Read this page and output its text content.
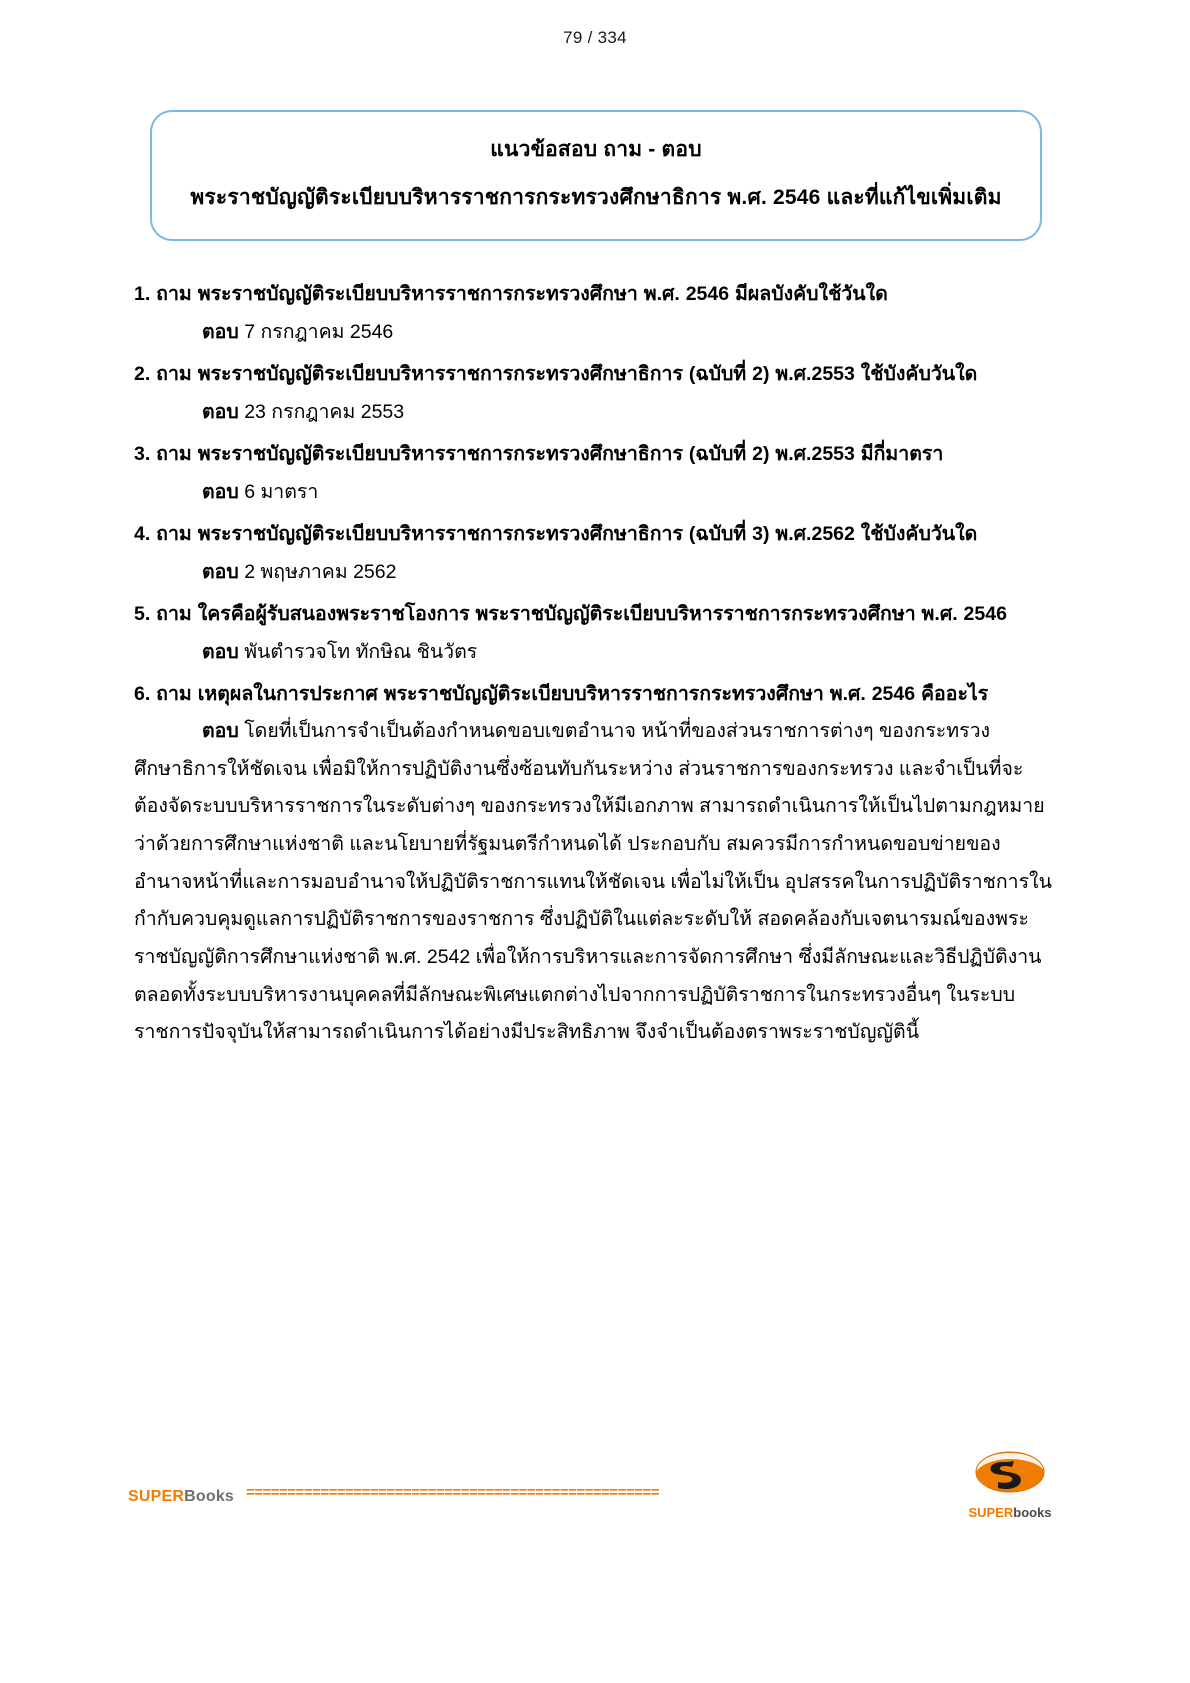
79 / 334
แนวข้อสอบ ถาม - ตอบ
พระราชบัญญัติระเบียบบริหารราชการกระทรวงศึกษาธิการ พ.ศ. 2546 และที่แก้ไขเพิ่มเติม
1. ถาม พระราชบัญญัติระเบียบบริหารราชการกระทรวงศึกษา พ.ศ. 2546 มีผลบังคับใช้วันใด
ตอบ 7 กรกฎาคม 2546
2. ถาม พระราชบัญญัติระเบียบบริหารราชการกระทรวงศึกษาธิการ (ฉบับที่ 2) พ.ศ.2553 ใช้บังคับวันใด
ตอบ 23 กรกฎาคม 2553
3. ถาม พระราชบัญญัติระเบียบบริหารราชการกระทรวงศึกษาธิการ (ฉบับที่ 2) พ.ศ.2553 มีกี่มาตรา
ตอบ 6 มาตรา
4. ถาม พระราชบัญญัติระเบียบบริหารราชการกระทรวงศึกษาธิการ (ฉบับที่ 3) พ.ศ.2562 ใช้บังคับวันใด
ตอบ 2 พฤษภาคม 2562
5. ถาม ใครคือผู้รับสนองพระราชโองการ พระราชบัญญัติระเบียบบริหารราชการกระทรวงศึกษา พ.ศ. 2546
ตอบ พันตำรวจโท ทักษิณ ชินวัตร
6. ถาม เหตุผลในการประกาศ พระราชบัญญัติระเบียบบริหารราชการกระทรวงศึกษา พ.ศ. 2546 คืออะไร
ตอบ โดยที่เป็นการจำเป็นต้องกำหนดขอบเขตอำนาจ หน้าที่ของส่วนราชการต่างๆ ของกระทรวงศึกษาธิการให้ชัดเจน เพื่อมิให้การปฏิบัติงานซึ่งซ้อนทับกันระหว่าง ส่วนราชการของกระทรวง และจำเป็นที่จะต้องจัดระบบบริหารราชการในระดับต่างๆ ของกระทรวงให้มีเอกภาพ สามารถดำเนินการให้เป็นไปตามกฎหมายว่าด้วยการศึกษาแห่งชาติ และนโยบายที่รัฐมนตรีกำหนดได้ ประกอบกับ สมควรมีการกำหนดขอบข่ายของอำนาจหน้าที่และการมอบอำนาจให้ปฏิบัติราชการแทนให้ชัดเจน เพื่อไม่ให้เป็น อุปสรรคในการปฏิบัติราชการในกำกับควบคุมดูแลการปฏิบัติราชการของราชการ ซึ่งปฏิบัติในแต่ละระดับให้ สอดคล้องกับเจตนารมณ์ของพระราชบัญญัติการศึกษาแห่งชาติ พ.ศ. 2542 เพื่อให้การบริหารและการจัดการศึกษา ซึ่งมีลักษณะและวิธีปฏิบัติงาน ตลอดทั้งระบบบริหารงานบุคคลที่มีลักษณะพิเศษแตกต่างไปจากการปฏิบัติราชการในกระทรวงอื่นๆ ในระบบราชการปัจจุบันให้สามารถดำเนินการได้อย่างมีประสิทธิภาพ จึงจำเป็นต้องตราพระราชบัญญัตินี้
SUPERBooks ==================================================
SUPERbooks
